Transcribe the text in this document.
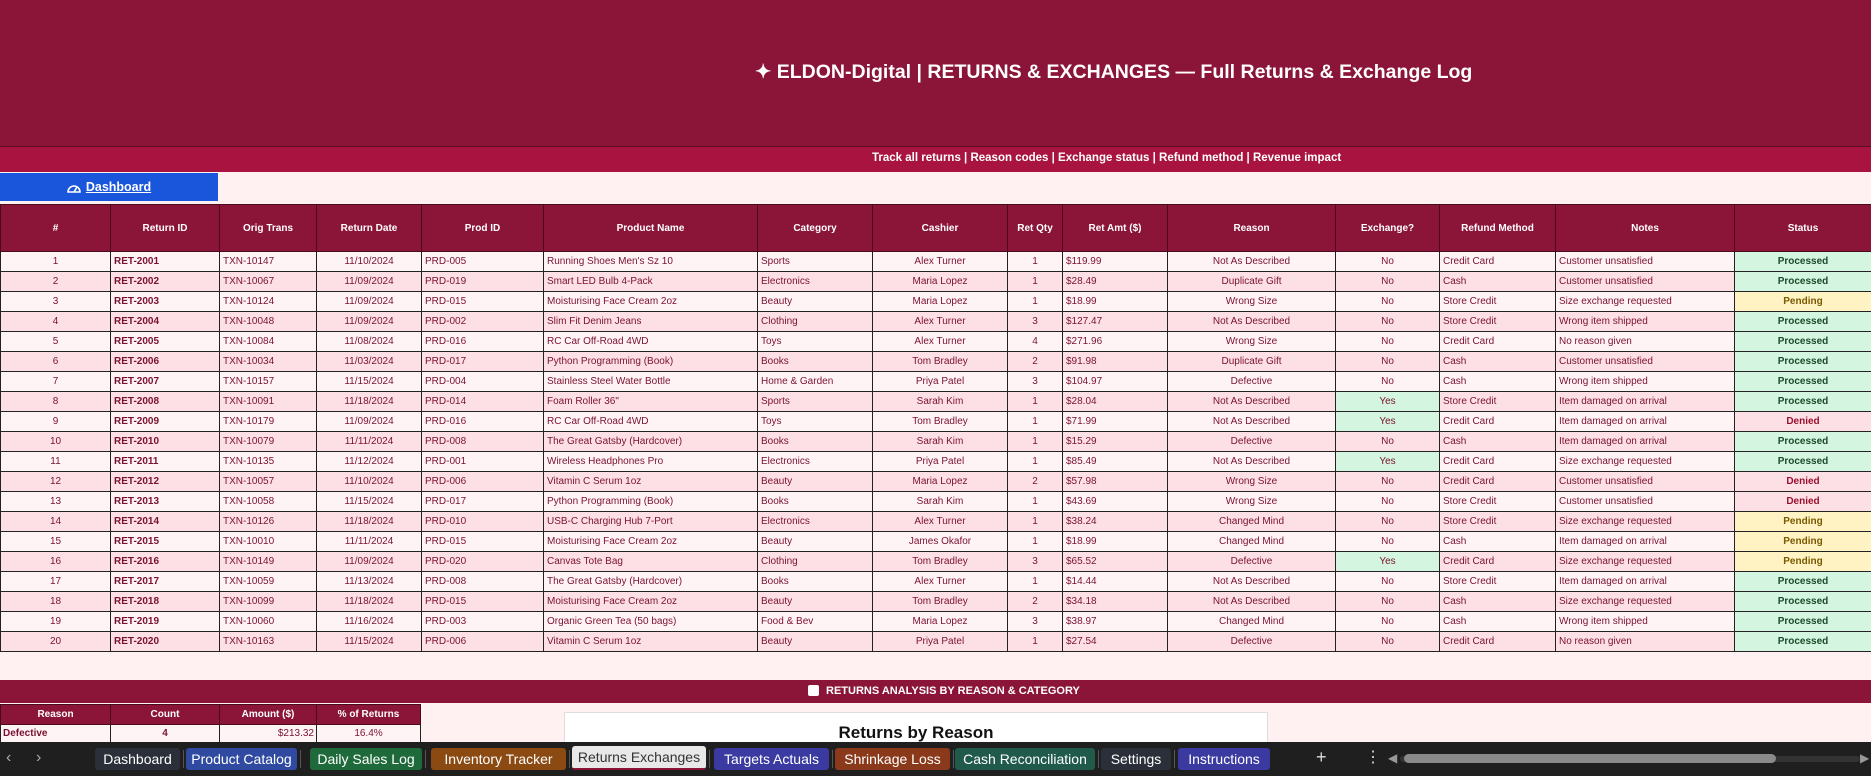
✦ ELDON-Digital | RETURNS & EXCHANGES — Full Returns & Exchange Log
Track all returns | Reason codes | Exchange status | Refund method | Revenue impact
Dashboard
#	Return ID	Orig Trans	Return Date	Prod ID	Product Name	Category	Cashier	Ret Qty	Ret Amt ($)	Reason	Exchange?	Refund Method	Notes	Status
1	RET-2001	TXN-10147	11/10/2024	PRD-005	Running Shoes Men's Sz 10	Sports	Alex Turner	1	$119.99	Not As Described	No	Credit Card	Customer unsatisfied	Processed
2	RET-2002	TXN-10067	11/09/2024	PRD-019	Smart LED Bulb 4-Pack	Electronics	Maria Lopez	1	$28.49	Duplicate Gift	No	Cash	Customer unsatisfied	Processed
3	RET-2003	TXN-10124	11/09/2024	PRD-015	Moisturising Face Cream 2oz	Beauty	Maria Lopez	1	$18.99	Wrong Size	No	Store Credit	Size exchange requested	Pending
4	RET-2004	TXN-10048	11/09/2024	PRD-002	Slim Fit Denim Jeans	Clothing	Alex Turner	3	$127.47	Not As Described	No	Store Credit	Wrong item shipped	Processed
5	RET-2005	TXN-10084	11/08/2024	PRD-016	RC Car Off-Road 4WD	Toys	Alex Turner	4	$271.96	Wrong Size	No	Credit Card	No reason given	Processed
6	RET-2006	TXN-10034	11/03/2024	PRD-017	Python Programming (Book)	Books	Tom Bradley	2	$91.98	Duplicate Gift	No	Cash	Customer unsatisfied	Processed
7	RET-2007	TXN-10157	11/15/2024	PRD-004	Stainless Steel Water Bottle	Home & Garden	Priya Patel	3	$104.97	Defective	No	Cash	Wrong item shipped	Processed
8	RET-2008	TXN-10091	11/18/2024	PRD-014	Foam Roller 36"	Sports	Sarah Kim	1	$28.04	Not As Described	Yes	Store Credit	Item damaged on arrival	Processed
9	RET-2009	TXN-10179	11/09/2024	PRD-016	RC Car Off-Road 4WD	Toys	Tom Bradley	1	$71.99	Not As Described	Yes	Credit Card	Item damaged on arrival	Denied
10	RET-2010	TXN-10079	11/11/2024	PRD-008	The Great Gatsby (Hardcover)	Books	Sarah Kim	1	$15.29	Defective	No	Cash	Item damaged on arrival	Processed
11	RET-2011	TXN-10135	11/12/2024	PRD-001	Wireless Headphones Pro	Electronics	Priya Patel	1	$85.49	Not As Described	Yes	Credit Card	Size exchange requested	Processed
12	RET-2012	TXN-10057	11/10/2024	PRD-006	Vitamin C Serum 1oz	Beauty	Maria Lopez	2	$57.98	Wrong Size	No	Credit Card	Customer unsatisfied	Denied
13	RET-2013	TXN-10058	11/15/2024	PRD-017	Python Programming (Book)	Books	Sarah Kim	1	$43.69	Wrong Size	No	Store Credit	Customer unsatisfied	Denied
14	RET-2014	TXN-10126	11/18/2024	PRD-010	USB-C Charging Hub 7-Port	Electronics	Alex Turner	1	$38.24	Changed Mind	No	Store Credit	Size exchange requested	Pending
15	RET-2015	TXN-10010	11/11/2024	PRD-015	Moisturising Face Cream 2oz	Beauty	James Okafor	1	$18.99	Changed Mind	No	Cash	Item damaged on arrival	Pending
16	RET-2016	TXN-10149	11/09/2024	PRD-020	Canvas Tote Bag	Clothing	Tom Bradley	3	$65.52	Defective	Yes	Credit Card	Size exchange requested	Pending
17	RET-2017	TXN-10059	11/13/2024	PRD-008	The Great Gatsby (Hardcover)	Books	Alex Turner	1	$14.44	Not As Described	No	Store Credit	Item damaged on arrival	Processed
18	RET-2018	TXN-10099	11/18/2024	PRD-015	Moisturising Face Cream 2oz	Beauty	Tom Bradley	2	$34.18	Not As Described	No	Cash	Size exchange requested	Processed
19	RET-2019	TXN-10060	11/16/2024	PRD-003	Organic Green Tea (50 bags)	Food & Bev	Maria Lopez	3	$38.97	Changed Mind	No	Cash	Wrong item shipped	Processed
20	RET-2020	TXN-10163	11/15/2024	PRD-006	Vitamin C Serum 1oz	Beauty	Priya Patel	1	$27.54	Defective	No	Credit Card	No reason given	Processed
RETURNS ANALYSIS BY REASON & CATEGORY
Reason	Count	Amount ($)	% of Returns
Defective	4	$213.32	16.4%	Returns by Reason
‹ ›	Dashboard	Product Catalog	Daily Sales Log	Inventory Tracker	Returns Exchanges	Targets Actuals	Shrinkage Loss	Cash Reconciliation	Settings	Instructions	+ ⋮ ◀	▶
